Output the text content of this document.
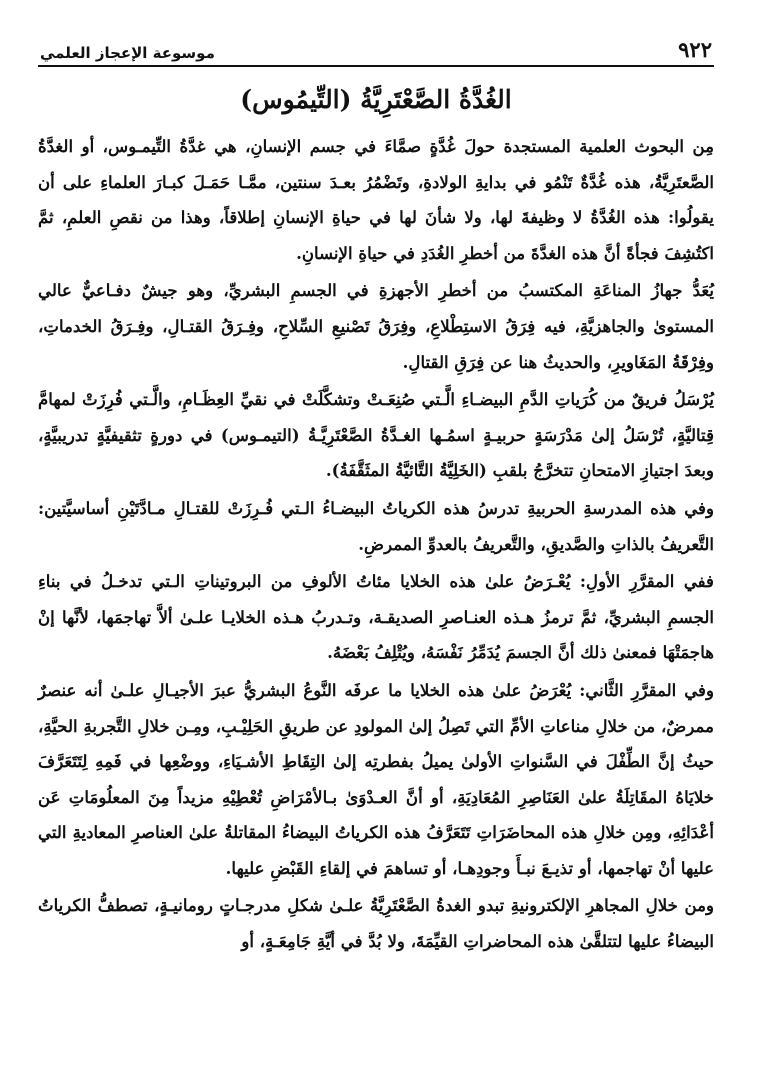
٩٢٢
موسوعة الإعجاز العلمي
الغُدَّةُ الصَّعْتَرِيَّةُ (التِّيمُوس)

مِن البحوث العلمية المستجدة حولَ غُدَّةٍ صمَّاءَ في جسم الإنسانِ، هي غدَّةُ التِّيمـوس، أو الغدَّةُ الصَّعتَرِيَّةُ، هذه غُدَّةٌ تَنْمُو في بدايةِ الولادةِ، وتَضْمُرُ بعـدَ سنتين، ممَّـا حَمَـلَ كبـارَ العلماءِ على أن يقولُوا: هذه الغُدَّةُ لا وظيفةَ لها، ولا شأنَ لها في حياةِ الإنسانِ إطلاقاً، وهذا من نقصِ العلمِ، ثمَّ اكتُشِفَ فجأةً أنَّ هذه الغدَّةَ من أخطرِ الغُدَدِ في حياةِ الإنسانِ.

يُعَدُّ جهازُ المناعَةِ المكتسبُ من أخطرِ الأجهزةِ في الجسمِ البشريِّ، وهو جيشٌ دفـاعيٌّ عالي المستوىٰ والجاهزيَّةِ، فيه فِرَقُ الاستِطْلاعِ، وفِرَقُ تَصْنيعِ السِّلاحِ، وفِـرَقُ القتـالِ، وفِـرَقُ الخدماتِ، وفِرْقَةُ المَغَاويرِ، والحديثُ هنا عن فِرَقِ القتالِ.

يُرْسَلُ فريقٌ من كُرَياتِ الدَّمِ البيضـاءِ الَّـتي صُنِعَـتْ وتشكَّلَتْ في نقيِّ العِظَـامِ، والَّـتي فُرِزَتْ لمهامَّ قِتاليَّةٍ، تُرْسَلُ إلىٰ مَدْرَسَةٍ حربيـةٍ اسمُـها الغـدَّةُ الصَّعْتَرِيَّـةُ (التيمـوس) في دورةٍ تثقيفيَّةٍ تدريبيَّةٍ، وبعدَ اجتيازِ الامتحانِ تتخرَّجُ بلقبِ (الخَلِيَّةُ التَّائيَّةُ المثَقَّفَةُ).

وفي هذه المدرسةِ الحربيةِ تدرسُ هذه الكرياتُ البيضـاءُ الـتي فُـرِزَتْ للقتـالِ مـادَّتَيْنِ أساسيَّتين: التَّعريفُ بالذاتِ والصَّديقِ، والتَّعريفُ بالعدوِّ الممرضِ.

ففي المقرَّرِ الأولِ: يُعْـرَضُ علىٰ هذه الخلايا مئاتُ الألوفِ من البروتيناتِ الـتي تدخـلُ في بناءِ الجسمِ البشريِّ، ثمَّ ترمزُ هـذه العنـاصرِ الصديقـة، وتـدربُ هـذه الخلايـا علـىٰ ألاَّ تهاجمَها، لأنَّها إنْ هاجمَتْهَا فمعنىٰ ذلك أنَّ الجسمَ يُدَمِّرُ نَفْسَهُ، ويُتْلِفُ بَعْضَهُ.

وفي المقرَّرِ الثَّاني: يُعْرَضُ علىٰ هذه الخلايا ما عرفَه النَّوعُ البشريُّ عبرَ الأجيـالِ علـىٰ أنه عنصرٌ ممرضٌ، من خلالِ مناعاتِ الأمِّ التي تَصِلُ إلىٰ المولودِ عن طريقِ الحَلِيْـبِ، ومِـن خلالِ التَّجربةِ الحيَّةِ، حيثُ إنَّ الطِّفْلَ في السَّنواتِ الأولىٰ يميلُ بفطرتِه إلىٰ التِقَاطِ الأشـيَاءِ، ووضْعِها في فَمِهِ لِتَتَعَرَّفَ خلايَاهُ المقَاتِلَةُ علىٰ العَنَاصِرِ المُعَادِيَةِ، أو أنَّ العـدْوَىٰ بـالأمْرَاضِ تُعْطِيْهِ مزيداً مِنَ المعلُومَاتِ عَن أعْدَائِهِ، ومِن خلالِ هذه المحاضَرَاتِ تَتَعَرَّفُ هذه الكرياتُ البيضاءُ المقاتلةُ علىٰ العناصرِ المعاديةِ التي عليها أنْ تهاجمها، أو تذيـعَ نبـأَ وجودِهـا، أو تساهمَ في إلقاءِ القَبْضِ عليها.

ومن خلالِ المجاهرِ الإلكترونيةِ تبدو الغدةُ الصَّعْتَرِيَّةُ علـىٰ شكلِ مدرجـاتٍ رومانيـةٍ، تصطفُّ الكرياتُ البيضاءُ عليها لتتلقَّىٰ هذه المحاضراتِ القيِّمَةَ، ولا بُدَّ في أيَّةِ جَامِعَـةٍ، أو
